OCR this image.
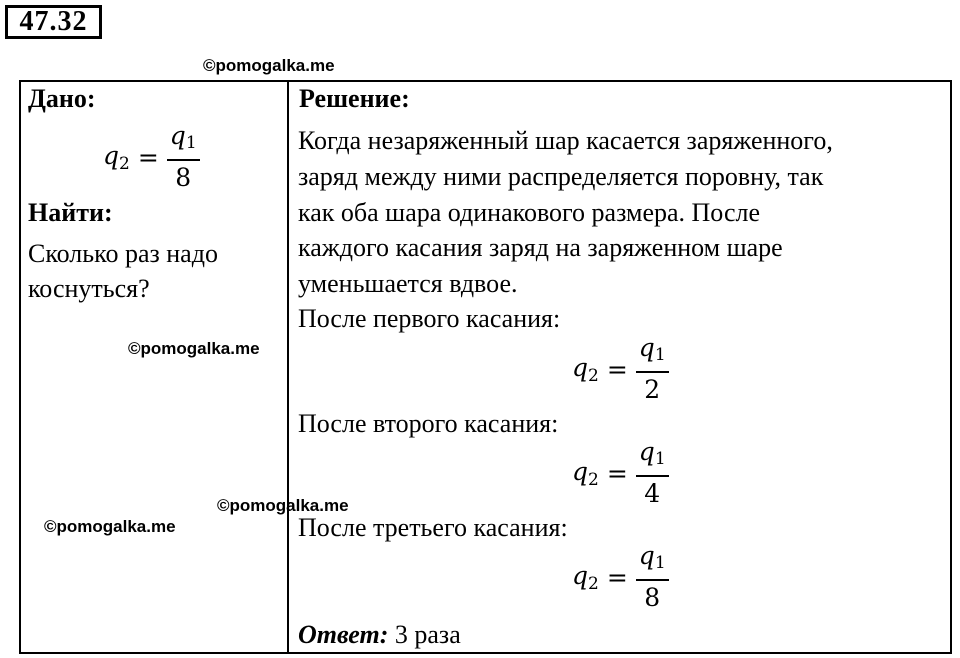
47.32
©pomogalka.me
©pomogalka.me
©pomogalka.me
©pomogalka.me
Дано:
$q_2 = \frac{q_1}{8}$
Найти:
Сколько раз надо
коснуться?
Решение:
Когда незаряженный шар касается заряженного,
заряд между ними распределяется поровну, так
как оба шара одинакового размера. После
каждого касания заряд на заряженном шаре
уменьшается вдвое.
После первого касания:
$q_2 = \frac{q_1}{2}$
После второго касания:
$q_2 = \frac{q_1}{4}$
После третьего касания:
$q_2 = \frac{q_1}{8}$
Ответ: 3 раза
